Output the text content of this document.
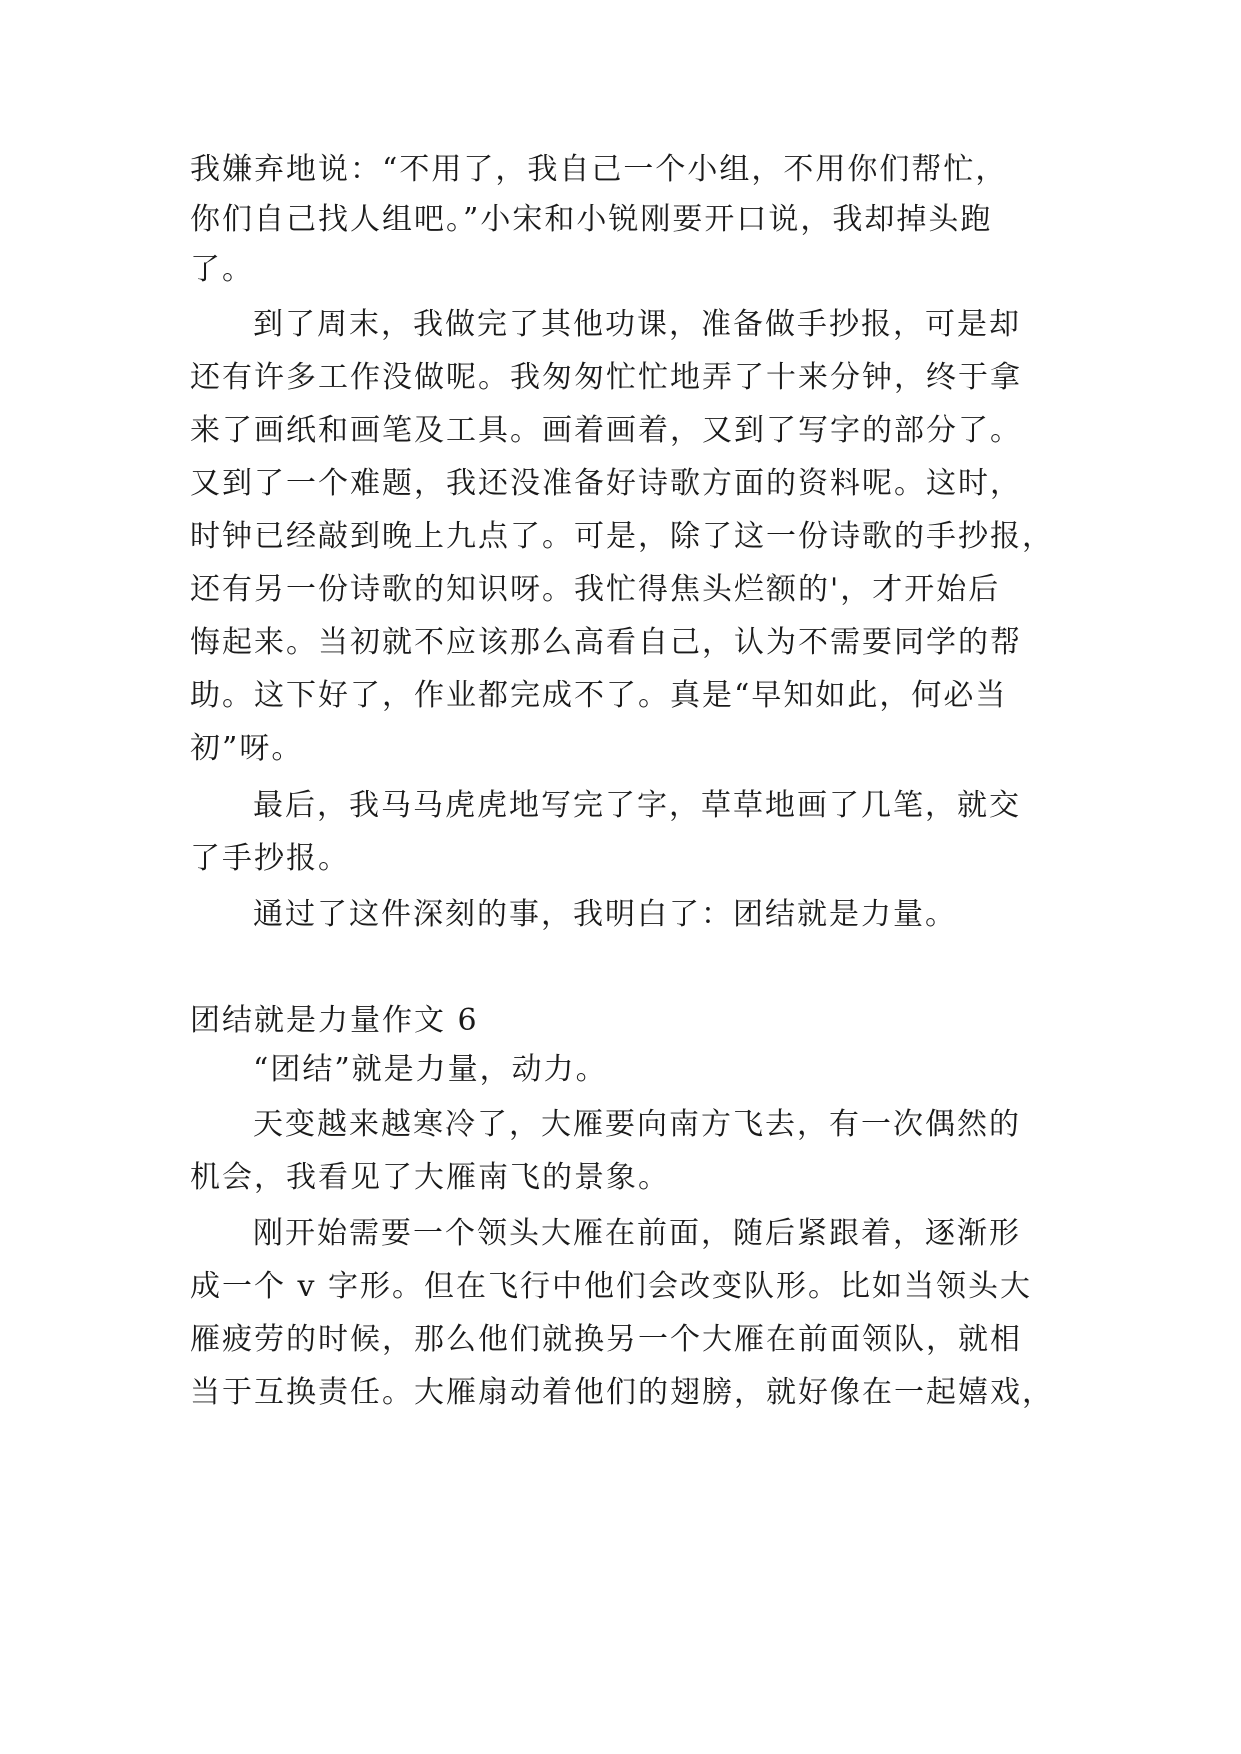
我嫌弃地说：“不用了，我自己一个小组，不用你们帮忙，
你们自己找人组吧。”小宋和小锐刚要开口说，我却掉头跑
了。
到了周末，我做完了其他功课，准备做手抄报，可是却
还有许多工作没做呢。我匆匆忙忙地弄了十来分钟，终于拿
来了画纸和画笔及工具。画着画着，又到了写字的部分了。
又到了一个难题，我还没准备好诗歌方面的资料呢。这时，
时钟已经敲到晚上九点了。可是，除了这一份诗歌的手抄报，
还有另一份诗歌的知识呀。我忙得焦头烂额的'，才开始后
悔起来。当初就不应该那么高看自己，认为不需要同学的帮
助。这下好了，作业都完成不了。真是“早知如此，何必当
初”呀。
最后，我马马虎虎地写完了字，草草地画了几笔，就交
了手抄报。
通过了这件深刻的事，我明白了：团结就是力量。
团结就是力量作文 6
“团结”就是力量，动力。
天变越来越寒冷了，大雁要向南方飞去，有一次偶然的
机会，我看见了大雁南飞的景象。
刚开始需要一个领头大雁在前面，随后紧跟着，逐渐形
成一个 v 字形。但在飞行中他们会改变队形。比如当领头大
雁疲劳的时候，那么他们就换另一个大雁在前面领队，就相
当于互换责任。大雁扇动着他们的翅膀，就好像在一起嬉戏，
